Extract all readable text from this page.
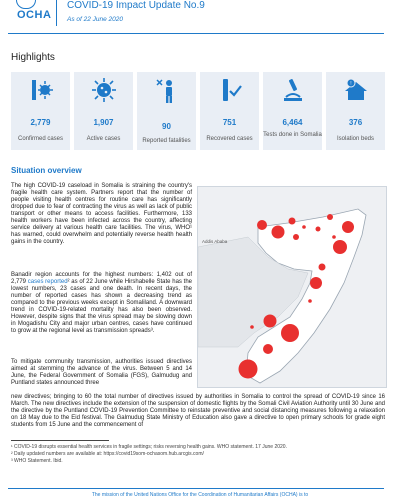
OCHA
COVID-19 Impact Update No.9
As of 22 June 2020
Highlights
2,779
Confirmed cases
1,907
Active cases
90
Reported fatalities
751
Recovered cases
6,464
Tests done in Somalia
!
376
Isolation beds
Situation overview
The high COVID-19 caseload in Somalia is straining the country's fragile health care system. Partners report that the number of people visiting health centres for routine care has significantly dropped due to fear of contracting the virus as well as lack of public transport or other means to access facilities. Furthermore, 133 health workers have been infected across the country, affecting service delivery at various health care facilities. The virus, WHO¹ has warned, could overwhelm and potentially reverse health health gains in the country.
Banadir region accounts for the highest numbers: 1,402 out of 2,779 cases reported² as of 22 June while Hirshabelle State has the lowest numbers, 23 cases and one death. In recent days, the number of reported cases has shown a decreasing trend as compared to the previous weeks except in Somaliland. A downward trend in COVID-19-related mortality has also been observed. However, despite signs that the virus spread may be slowing down in Mogadishu City and major urban centres, cases have continued to grow at the regional level as transmission spreads³.
To mitigate community transmission, authorities issued directives aimed at stemming the advance of the virus. Between 5 and 14 June, the Federal Government of Somalia (FGS), Galmudug and Puntland states announced three
Addis Ababa
new directives; bringing to 60 the total number of directives issued by authorities in Somalia to control the spread of COVID-19 since 16 March. The new directives include the extension of the suspension of domestic flights by the Somali Civil Aviation Authority until 30 June and the directive by the Puntland COVID-19 Prevention Committee to reinstate preventive and social distancing measures following a relaxation on 18 May due to the Eid festival. The Galmudug State Ministry of Education also gave a directive to open primary schools for grade eight students from 15 June and the commencement of
¹ COVID-19 disrupts essential health services in fragile settings; risks reversing health gains. WHO statement. 17 June 2020.
² Daily updated numbers are available at: https://covid19som-ochasom.hub.arcgis.com/
³ WHO Statement. Ibid.
The mission of the United Nations Office for the Coordination of Humanitarian Affairs (OCHA) is to
